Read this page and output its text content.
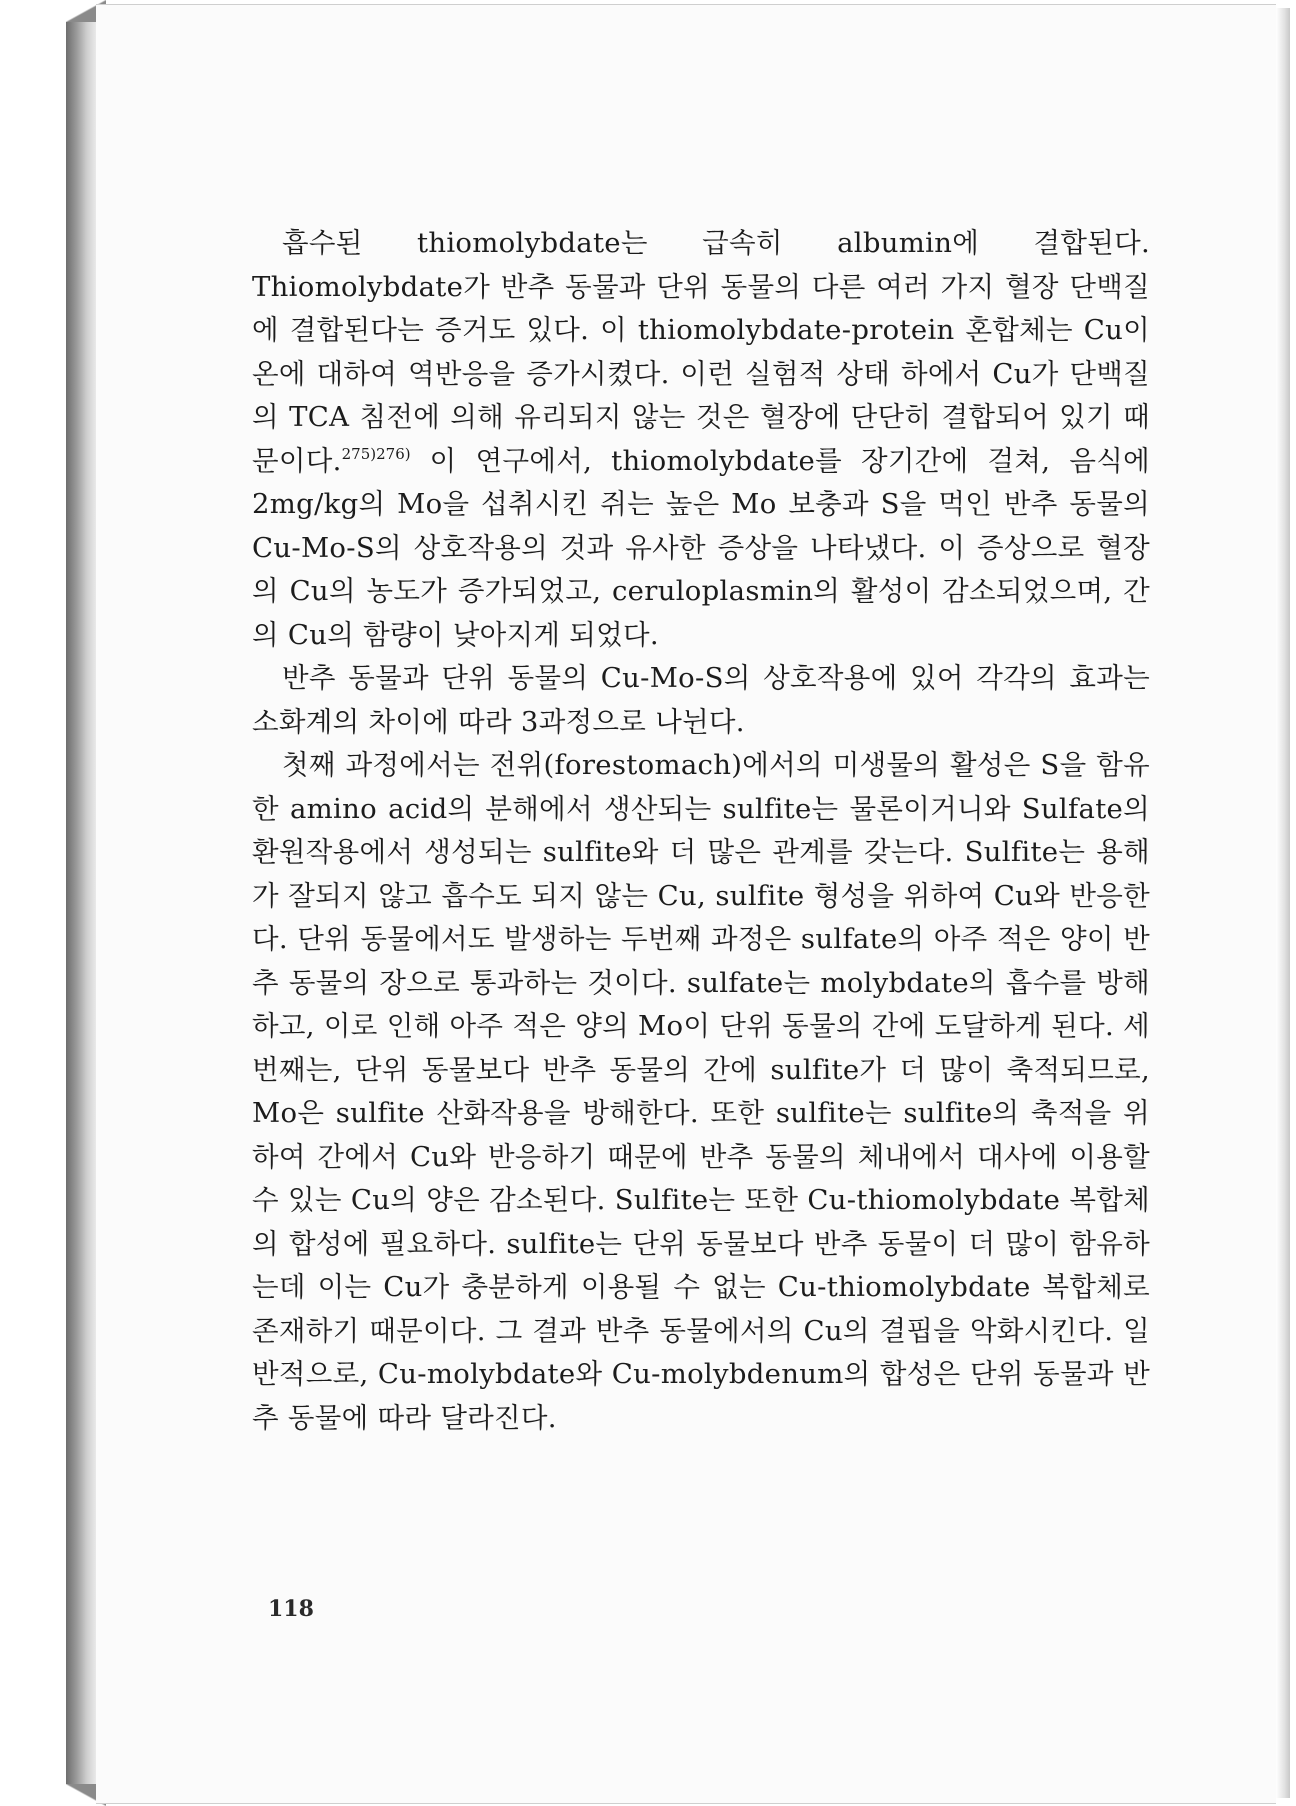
흡수된 thiomolybdate는 급속히 albumin에 결합된다. Thiomolybdate가 반추 동물과 단위 동물의 다른 여러 가지 혈장 단백질에 결합된다는 증거도 있다. 이 thiomolybdate-protein 혼합체는 Cu이온에 대하여 역반응을 증가시켰다. 이런 실험적 상태 하에서 Cu가 단백질의 TCA 침전에 의해 유리되지 않는 것은 혈장에 단단히 결합되어 있기 때문이다.$^{275)276)}$ 이 연구에서, thiomolybdate를 장기간에 걸쳐, 음식에 2mg/kg의 Mo을 섭취시킨 쥐는 높은 Mo 보충과 S을 먹인 반추 동물의 Cu-Mo-S의 상호작용의 것과 유사한 증상을 나타냈다. 이 증상으로 혈장의 Cu의 농도가 증가되었고, ceruloplasmin의 활성이 감소되었으며, 간의 Cu의 함량이 낮아지게 되었다.

반추 동물과 단위 동물의 Cu-Mo-S의 상호작용에 있어 각각의 효과는 소화계의 차이에 따라 3과정으로 나뉜다.

첫째 과정에서는 전위(forestomach)에서의 미생물의 활성은 S을 함유한 amino acid의 분해에서 생산되는 sulfite는 물론이거니와 Sulfate의 환원작용에서 생성되는 sulfite와 더 많은 관계를 갖는다. Sulfite는 용해가 잘되지 않고 흡수도 되지 않는 Cu, sulfite 형성을 위하여 Cu와 반응한다. 단위 동물에서도 발생하는 두번째 과정은 sulfate의 아주 적은 양이 반추 동물의 장으로 통과하는 것이다. sulfate는 molybdate의 흡수를 방해하고, 이로 인해 아주 적은 양의 Mo이 단위 동물의 간에 도달하게 된다. 세번째는, 단위 동물보다 반추 동물의 간에 sulfite가 더 많이 축적되므로, Mo은 sulfite 산화작용을 방해한다. 또한 sulfite는 sulfite의 축적을 위하여 간에서 Cu와 반응하기 때문에 반추 동물의 체내에서 대사에 이용할 수 있는 Cu의 양은 감소된다. Sulfite는 또한 Cu-thiomolybdate 복합체의 합성에 필요하다. sulfite는 단위 동물보다 반추 동물이 더 많이 함유하는데 이는 Cu가 충분하게 이용될 수 없는 Cu-thiomolybdate 복합체로 존재하기 때문이다. 그 결과 반추 동물에서의 Cu의 결핍을 악화시킨다. 일반적으로, Cu-molybdate와 Cu-molybdenum의 합성은 단위 동물과 반추 동물에 따라 달라진다.

118
